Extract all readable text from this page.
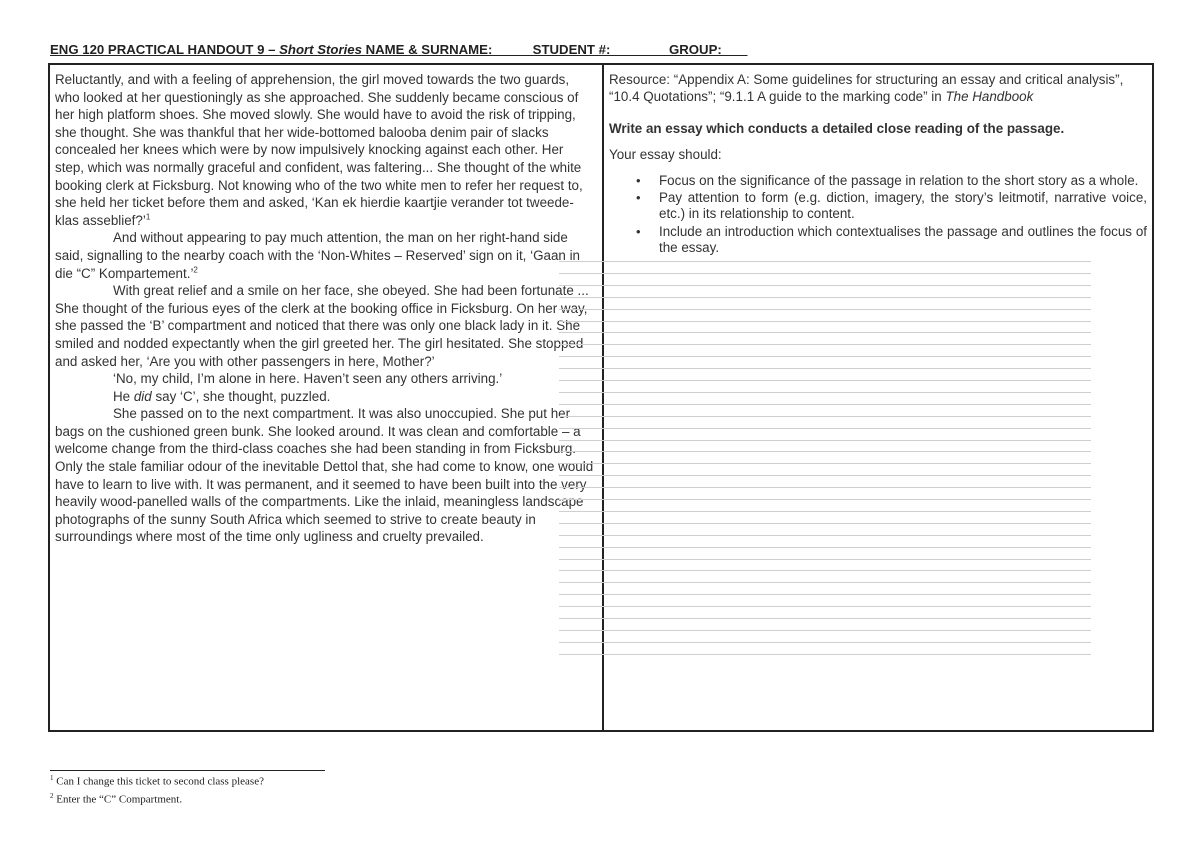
ENG 120 PRACTICAL HANDOUT 9 – Short Stories NAME & SURNAME:_____ STUDENT #: _______ GROUP: ___

Reluctantly, and with a feeling of apprehension, the girl moved towards the two guards, who looked at her questioningly as she approached. She suddenly became conscious of her high platform shoes. She moved slowly. She would have to avoid the risk of tripping, she thought. She was thankful that her wide-bottomed balooba denim pair of slacks concealed her knees which were by now impulsively knocking against each other. Her step, which was normally graceful and confident, was faltering... She thought of the white booking clerk at Ficksburg. Not knowing who of the two white men to refer her request to, she held her ticket before them and asked, ‘Kan ek hierdie kaartjie verander tot tweede-klas asseblief?’$^1$

And without appearing to pay much attention, the man on her right-hand side said, signalling to the nearby coach with the ‘Non-Whites – Reserved’ sign on it, ‘Gaan in die “C” Kompartement.’$^2$

With great relief and a smile on her face, she obeyed. She had been fortunate ... She thought of the furious eyes of the clerk at the booking office in Ficksburg. On her way, she passed the ‘B’ compartment and noticed that there was only one black lady in it. She smiled and nodded expectantly when the girl greeted her. The girl hesitated. She stopped and asked her, ‘Are you with other passengers in here, Mother?’

‘No, my child, I’m alone in here. Haven’t seen any others arriving.’

He did say ‘C’, she thought, puzzled.

She passed on to the next compartment. It was also unoccupied. She put her bags on the cushioned green bunk. She looked around. It was clean and comfortable – a welcome change from the third-class coaches she had been standing in from Ficksburg. Only the stale familiar odour of the inevitable Dettol that, she had come to know, one would have to learn to live with. It was permanent, and it seemed to have been built into the very heavily wood-panelled walls of the compartments. Like the inlaid, meaningless landscape photographs of the sunny South Africa which seemed to strive to create beauty in surroundings where most of the time only ugliness and cruelty prevailed.

Resource: “Appendix A: Some guidelines for structuring an essay and critical analysis”, “10.4 Quotations”; “9.1.1 A guide to the marking code” in The Handbook

Write an essay which conducts a detailed close reading of the passage.

Your essay should:

• Focus on the significance of the passage in relation to the short story as a whole.
• Pay attention to form (e.g. diction, imagery, the story’s leitmotif, narrative voice, etc.) in its relationship to content.
• Include an introduction which contextualises the passage and outlines the focus of the essay.
$^1$ Can I change this ticket to second class please?
$^2$ Enter the “C” Compartment.
